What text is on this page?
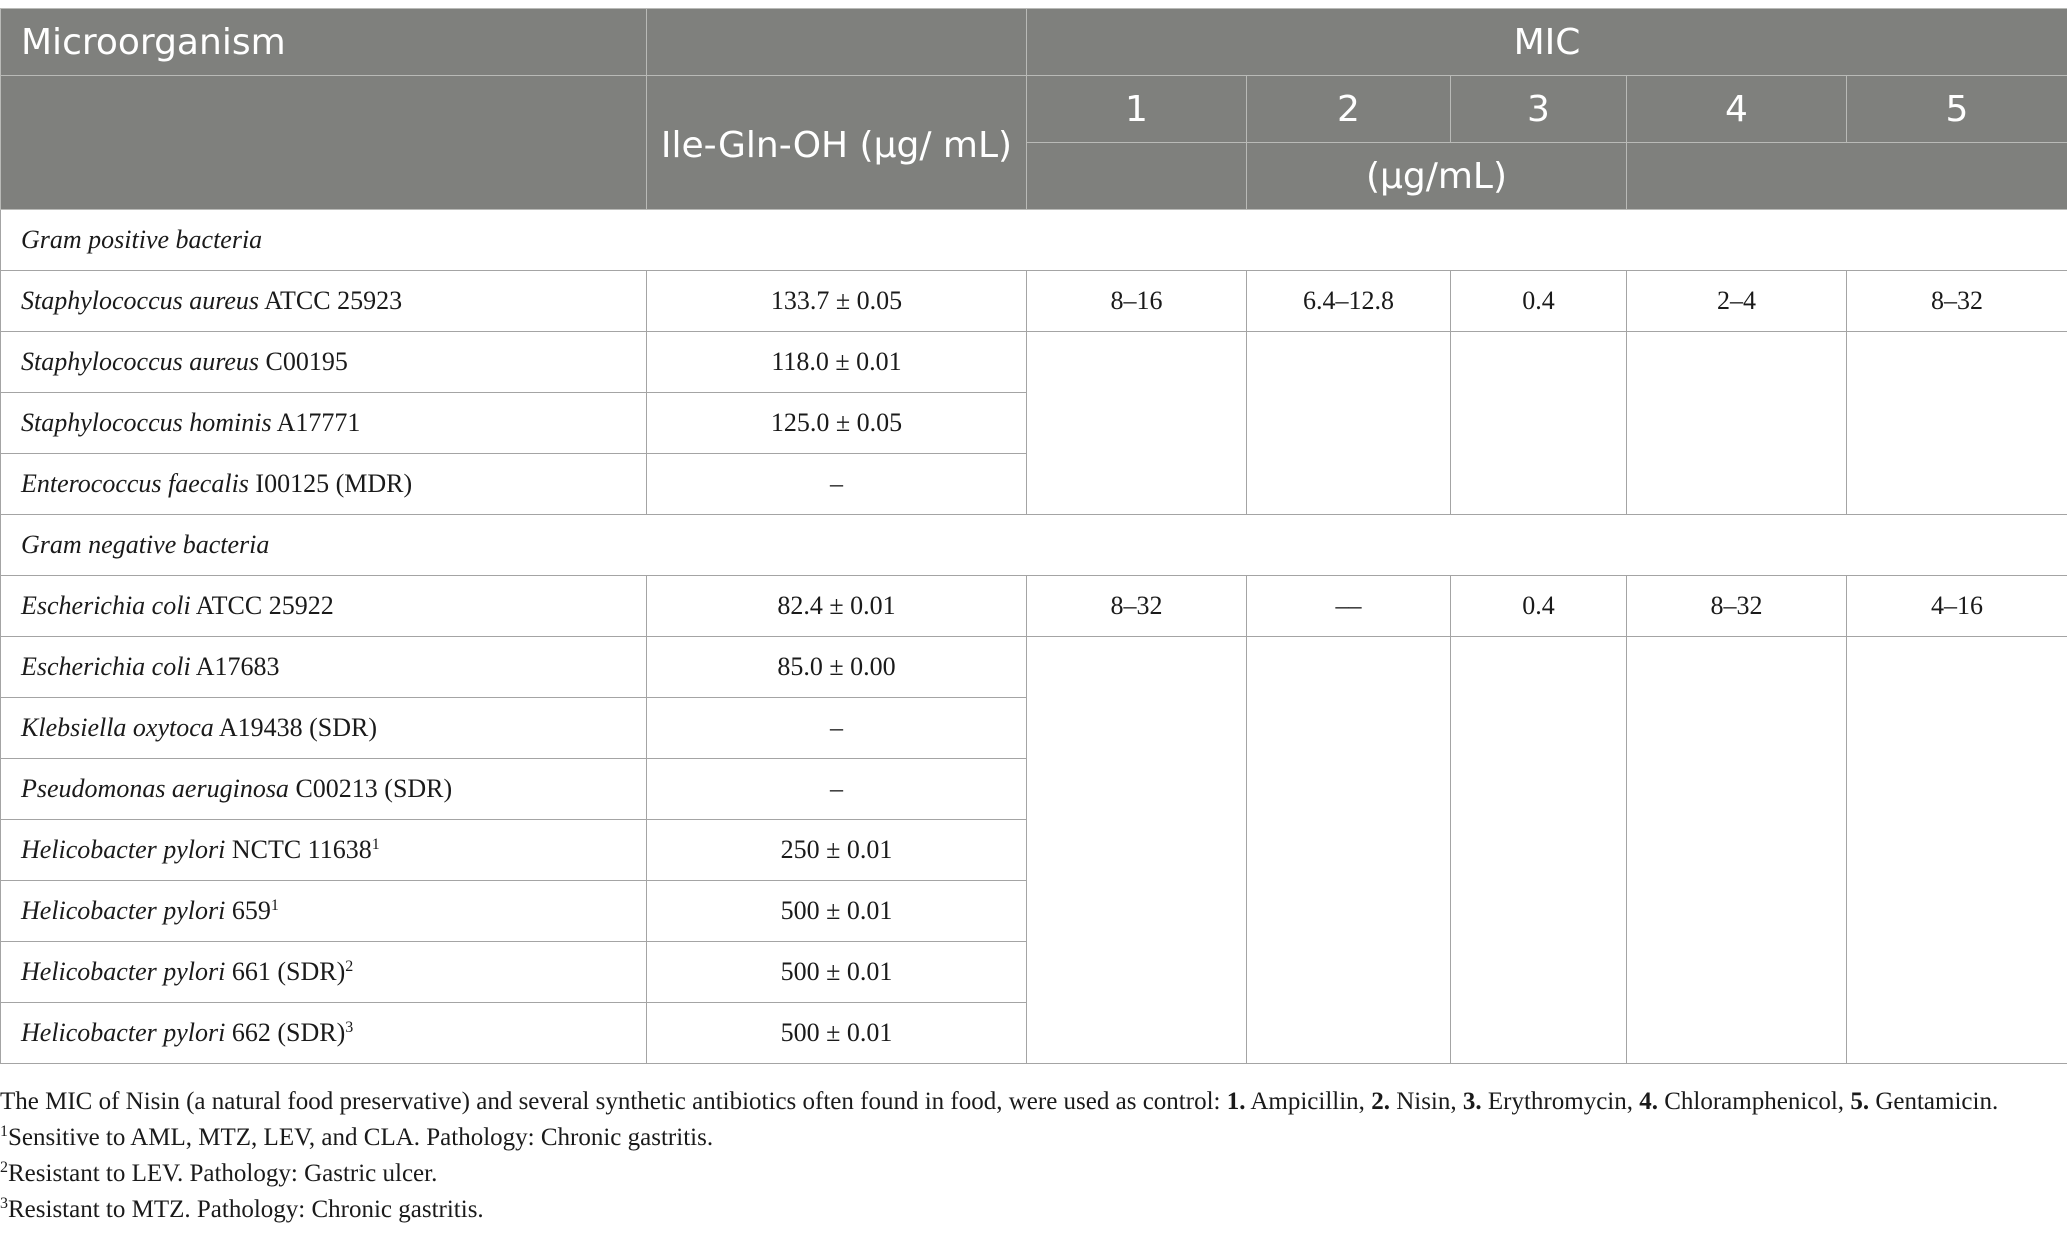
Microorganism		MIC				
	Ile-Gln-OH (μg/ mL)	1	2	3	4	5
			(μg/mL)			
Gram positive bacteria						
Staphylococcus aureus ATCC 25923	133.7 ± 0.05	8–16	6.4–12.8	0.4	2–4	8–32
Staphylococcus aureus C00195	118.0 ± 0.01					
Staphylococcus hominis A17771	125.0 ± 0.05					
Enterococcus faecalis I00125 (MDR)	–					
Gram negative bacteria						
Escherichia coli ATCC 25922	82.4 ± 0.01	8–32	––	0.4	8–32	4–16
Escherichia coli A17683	85.0 ± 0.00					
Klebsiella oxytoca A19438 (SDR)	–					
Pseudomonas aeruginosa C00213 (SDR)	–					
Helicobacter pylori NCTC 11638$^1$	250 ± 0.01					
Helicobacter pylori $659^1$	500 ± 0.01					
Helicobacter pylori 661 (SDR)$^2$	500 ± 0.01					
Helicobacter pylori 662 (SDR)$^3$	500 ± 0.01					

The MIC of Nisin (a natural food preservative) and several synthetic antibiotics often found in food, were used as control: 1. Ampicillin, 2. Nisin, 3. Erythromycin, 4. Chloramphenicol, 5. Gentamicin. $^1$Sensitive to AML, MTZ, LEV, and CLA. Pathology: Chronic gastritis.

$^2$Resistant to LEV. Pathology: Gastric ulcer.

$^3$Resistant to MTZ. Pathology: Chronic gastritis.
